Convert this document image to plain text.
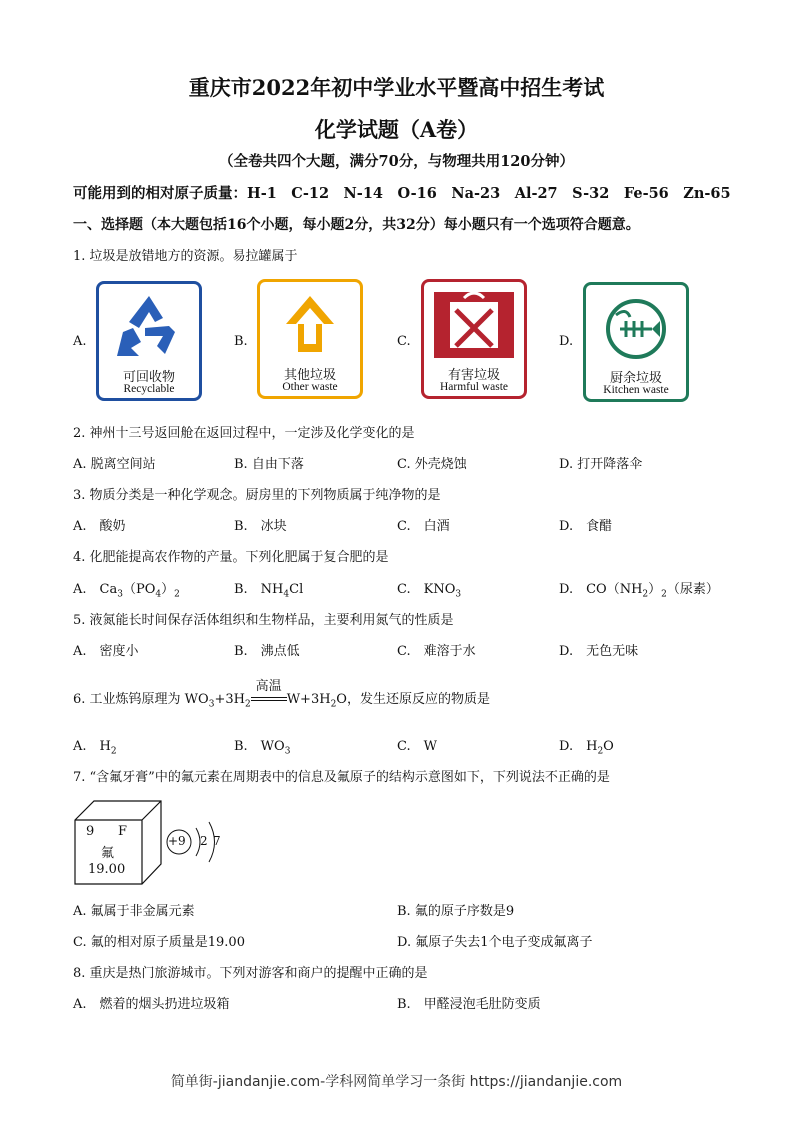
重庆市2022年初中学业水平暨高中招生考试
化学试题（A卷）
（全卷共四个大题，满分70分，与物理共用120分钟）
可能用到的相对原子质量：H-1　C-12　N-14　O-16　Na-23　Al-27　S-32　Fe-56　Zn-65
一、选择题（本大题包括16个小题，每小题2分，共32分）每小题只有一个选项符合题意。
1. 垃圾是放错地方的资源。易拉罐属于
A.
可回收物
Recyclable
B.
其他垃圾
Other waste
C.
有害垃圾
Harmful waste
D.
厨余垃圾
Kitchen waste
2. 神州十三号返回舱在返回过程中，一定涉及化学变化的是
A. 脱离空间站	B. 自由下落	C. 外壳烧蚀	D. 打开降落伞
3. 物质分类是一种化学观念。厨房里的下列物质属于纯净物的是
A.　酸奶	B.　冰块	C.　白酒	D.　食醋
4. 化肥能提高农作物的产量。下列化肥属于复合肥的是
A.　$Ca_3(PO_4)_2$	B.　$NH_4Cl$	C.　$KNO_3$	D.　$CO(NH_2)_2$（尿素）
5. 液氮能长时间保存活体组织和生物样品，主要利用氮气的性质是
A.　密度小	B.　沸点低	C.　难溶于水	D.　无色无味
6. 工业炼钨原理为 $WO_3+3H_2$
高温
$W+3H_2O$，发生还原反应的物质是
A.　$H_2$	B.　$WO_3$	C.　W	D.　$H_2O$
7. “含氟牙膏”中的氟元素在周期表中的信息及氟原子的结构示意图如下，下列说法不正确的是
9 F
氟
19.00
+9 2 7
A. 氟属于非金属元素	B. 氟的原子序数是9
C. 氟的相对原子质量是19.00	D. 氟原子失去1个电子变成氟离子
8. 重庆是热门旅游城市。下列对游客和商户的提醒中正确的是
A.　燃着的烟头扔进垃圾箱	B.　甲醛浸泡毛肚防变质
简单街-jiandanjie.com-学科网简单学习一条街 https://jiandanjie.com
